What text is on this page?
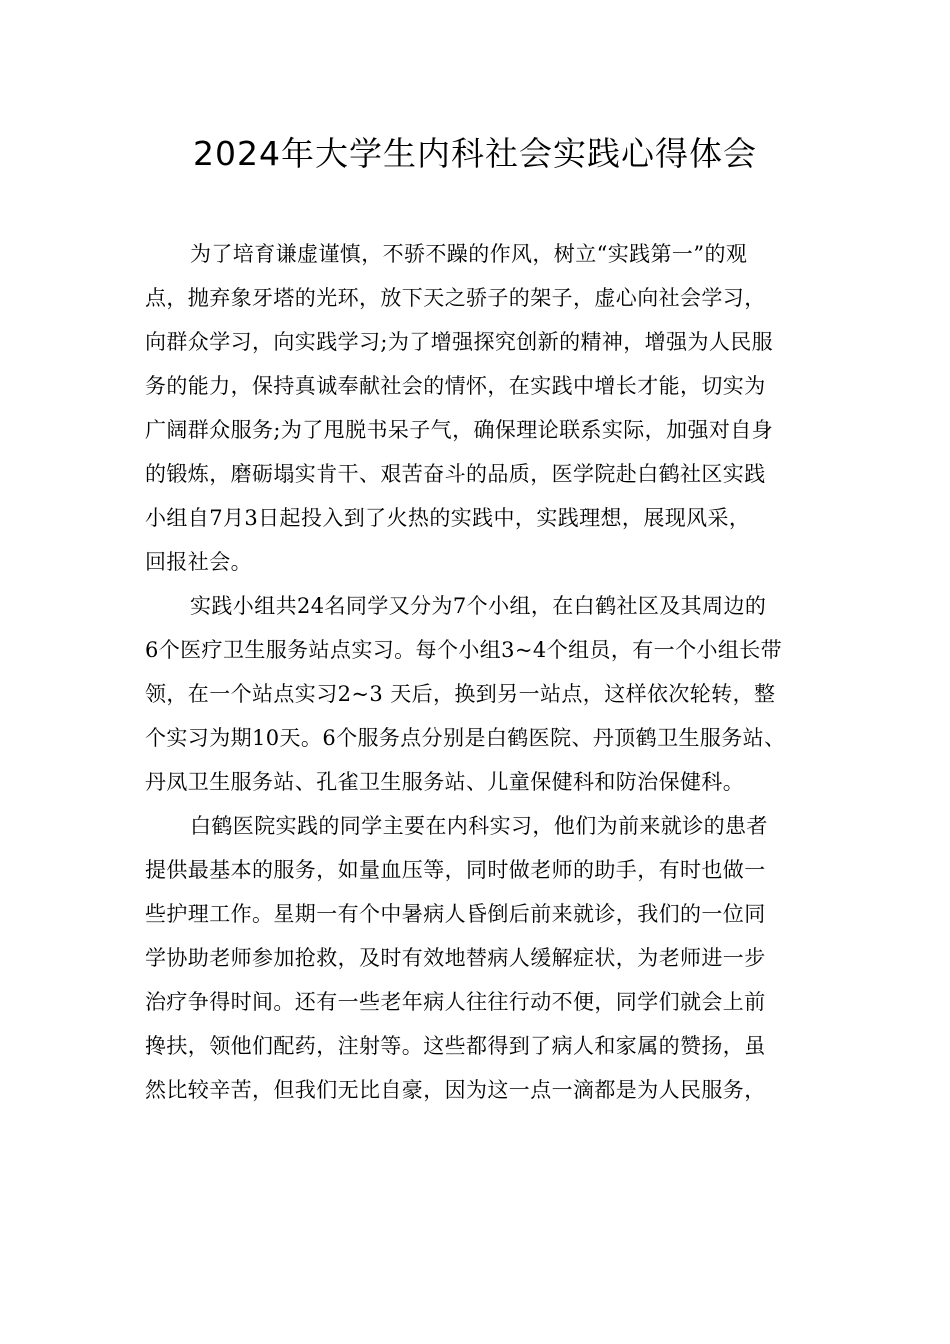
2024年大学生内科社会实践心得体会

为了培育谦虚谨慎，不骄不躁的作风，树立“实践第一”的观

点，抛弃象牙塔的光环，放下天之骄子的架子，虚心向社会学习，

向群众学习，向实践学习;为了增强探究创新的精神，增强为人民服

务的能力，保持真诚奉献社会的情怀，在实践中增长才能，切实为

广阔群众服务;为了甩脱书呆子气，确保理论联系实际，加强对自身

的锻炼，磨砺塌实肯干、艰苦奋斗的品质，医学院赴白鹤社区实践

小组自7月3日起投入到了火热的实践中，实践理想，展现风采，

回报社会。

实践小组共24名同学又分为7个小组，在白鹤社区及其周边的

6个医疗卫生服务站点实习。每个小组3~4个组员，有一个小组长带

领，在一个站点实习2~3 天后，换到另一站点，这样依次轮转，整

个实习为期10天。6个服务点分别是白鹤医院、丹顶鹤卫生服务站、

丹凤卫生服务站、孔雀卫生服务站、儿童保健科和防治保健科。

白鹤医院实践的同学主要在内科实习，他们为前来就诊的患者

提供最基本的服务，如量血压等，同时做老师的助手，有时也做一

些护理工作。星期一有个中暑病人昏倒后前来就诊，我们的一位同

学协助老师参加抢救，及时有效地替病人缓解症状，为老师进一步

治疗争得时间。还有一些老年病人往往行动不便，同学们就会上前

搀扶，领他们配药，注射等。这些都得到了病人和家属的赞扬，虽

然比较辛苦，但我们无比自豪，因为这一点一滴都是为人民服务，
